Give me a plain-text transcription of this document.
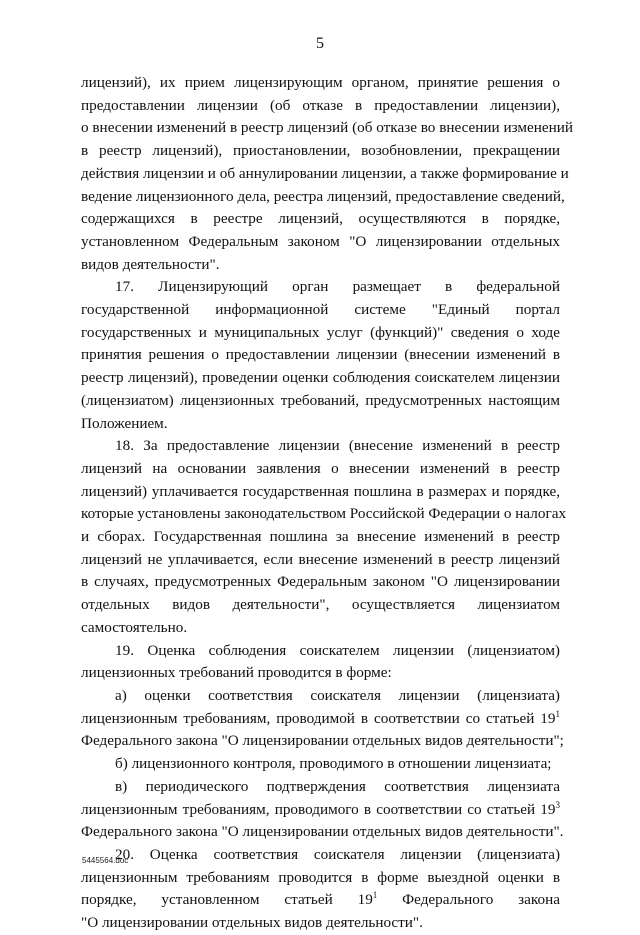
5
лицензий), их прием лицензирующим органом, принятие решения о
предоставлении лицензии (об отказе в предоставлении лицензии),
о внесении изменений в реестр лицензий (об отказе во внесении изменений
в реестр лицензий), приостановлении, возобновлении, прекращении
действия лицензии и об аннулировании лицензии, а также формирование и
ведение лицензионного дела, реестра лицензий, предоставление сведений,
содержащихся в реестре лицензий, осуществляются в порядке,
установленном Федеральным законом "О лицензировании отдельных
видов деятельности".
17. Лицензирующий орган размещает в федеральной
государственной информационной системе "Единый портал
государственных и муниципальных услуг (функций)" сведения о ходе
принятия решения о предоставлении лицензии (внесении изменений в
реестр лицензий), проведении оценки соблюдения соискателем лицензии
(лицензиатом) лицензионных требований, предусмотренных настоящим
Положением.
18. За предоставление лицензии (внесение изменений в реестр
лицензий на основании заявления о внесении изменений в реестр
лицензий) уплачивается государственная пошлина в размерах и порядке,
которые установлены законодательством Российской Федерации о налогах
и сборах. Государственная пошлина за внесение изменений в реестр
лицензий не уплачивается, если внесение изменений в реестр лицензий
в случаях, предусмотренных Федеральным законом "О лицензировании
отдельных видов деятельности", осуществляется лицензиатом
самостоятельно.
19. Оценка соблюдения соискателем лицензии (лицензиатом)
лицензионных требований проводится в форме:
а) оценки соответствия соискателя лицензии (лицензиата)
лицензионным требованиям, проводимой в соответствии со статьей $19^1$
Федерального закона "О лицензировании отдельных видов деятельности";
б) лицензионного контроля, проводимого в отношении лицензиата;
в) периодического подтверждения соответствия лицензиата
лицензионным требованиям, проводимого в соответствии со статьей $19^3$
Федерального закона "О лицензировании отдельных видов деятельности".
20. Оценка соответствия соискателя лицензии (лицензиата)
лицензионным требованиям проводится в форме выездной оценки в
порядке, установленном статьей $19^1$ Федерального закона
"О лицензировании отдельных видов деятельности".
5445564.doc
